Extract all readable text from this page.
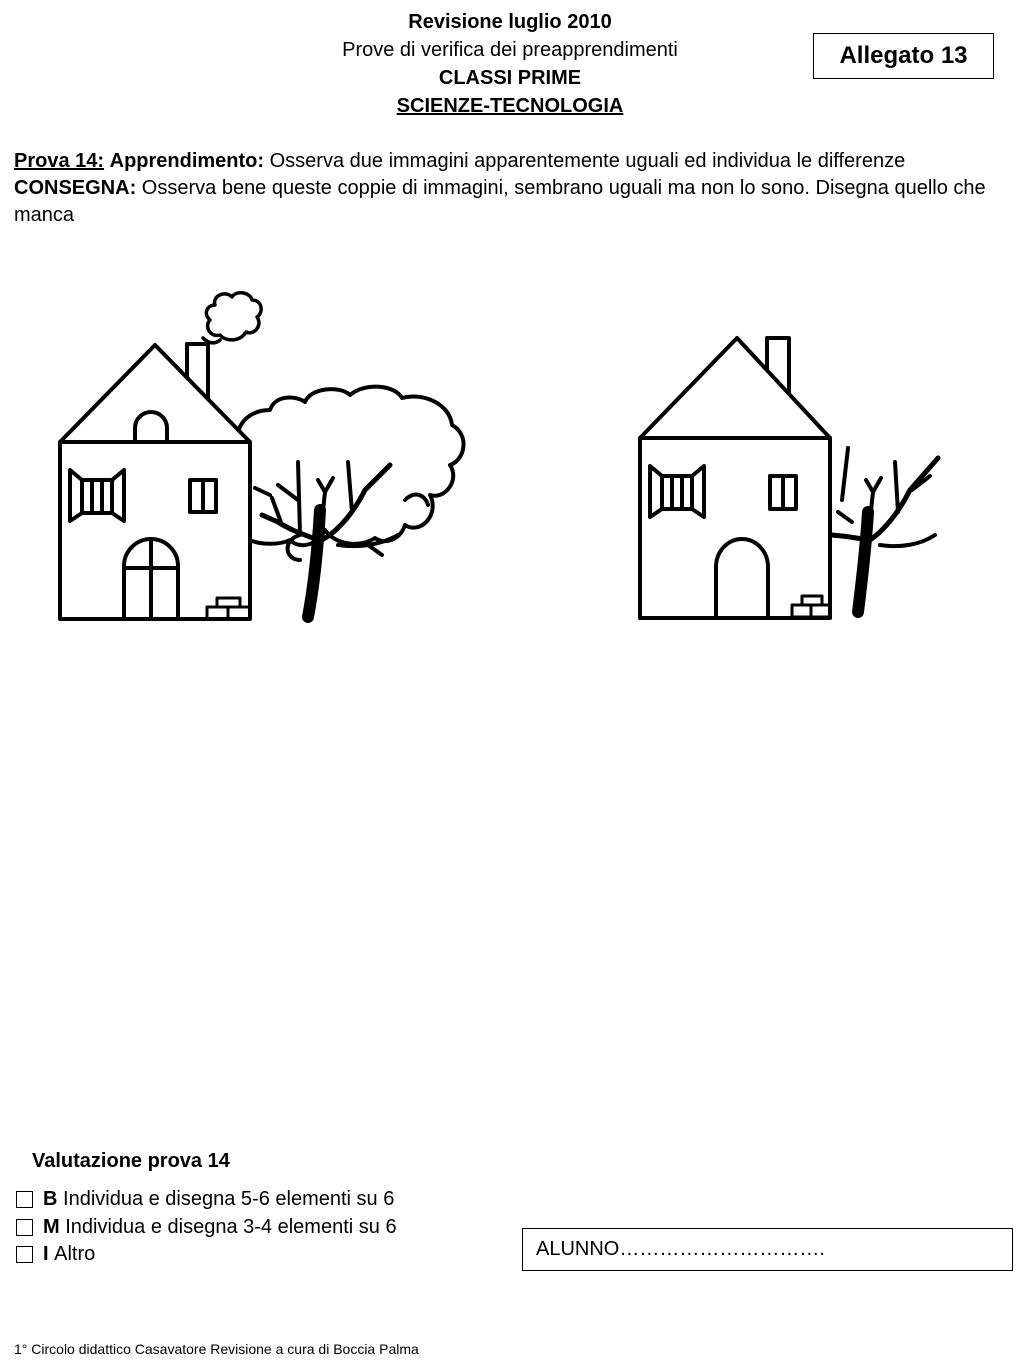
Revisione luglio 2010
Prove di verifica dei preapprendimenti
CLASSI PRIME
SCIENZE-TECNOLOGIA
Allegato 13

Prova 14: Apprendimento: Osserva due immagini apparentemente uguali ed individua le differenze

CONSEGNA: Osserva bene queste coppie di immagini, sembrano uguali ma non lo sono. Disegna quello che manca

Valutazione prova 14
B
Individua e disegna 5-6 elementi su 6
M
Individua e disegna 3-4 elementi su 6
I
Altro	ALUNNO………………………….
1° Circolo didattico Casavatore Revisione a cura di Boccia Palma
